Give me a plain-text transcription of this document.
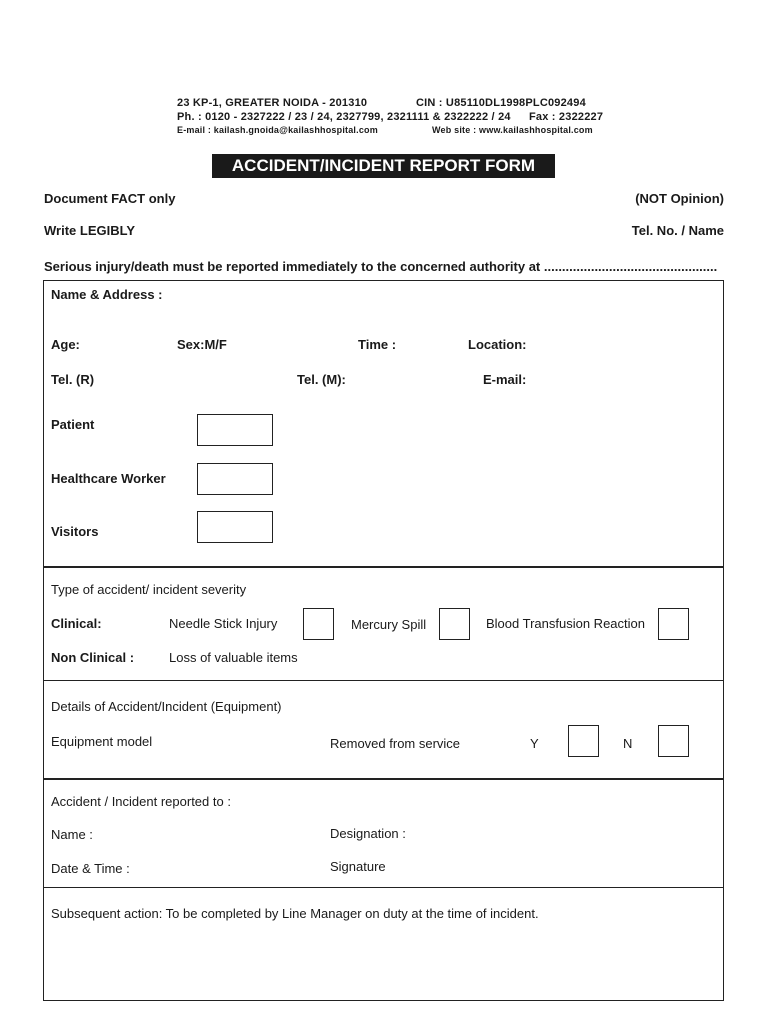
23 KP-1, GREATER NOIDA - 201310	CIN : U85110DL1998PLC092494
Ph. : 0120 - 2327222 / 23 / 24, 2327799, 2321111 & 2322222 / 24 Fax : 2322227
E-mail : kailash.gnoida@kailashhospital.com	Web site : www.kailashhospital.com
ACCIDENT/INCIDENT REPORT FORM
Document FACT only	(NOT Opinion)
Write LEGIBLY	Tel. No. / Name
Serious injury/death must be reported immediately to the concerned authority at ................................................
Name & Address :
Age:	Sex:M/F	Time :	Location:
Tel. (R)	Tel. (M):	E-mail:
Patient
Healthcare Worker
Visitors
Type of accident/ incident severity
Clinical:	Needle Stick Injury	Mercury Spill	Blood Transfusion Reaction
Non Clinical :	Loss of valuable items
Details of Accident/Incident (Equipment)
Equipment model	Removed from service	Y	N
Accident / Incident reported to :
Name :	Designation :
Date & Time :	Signature
Subsequent action: To be completed by Line Manager on duty at the time of incident.
